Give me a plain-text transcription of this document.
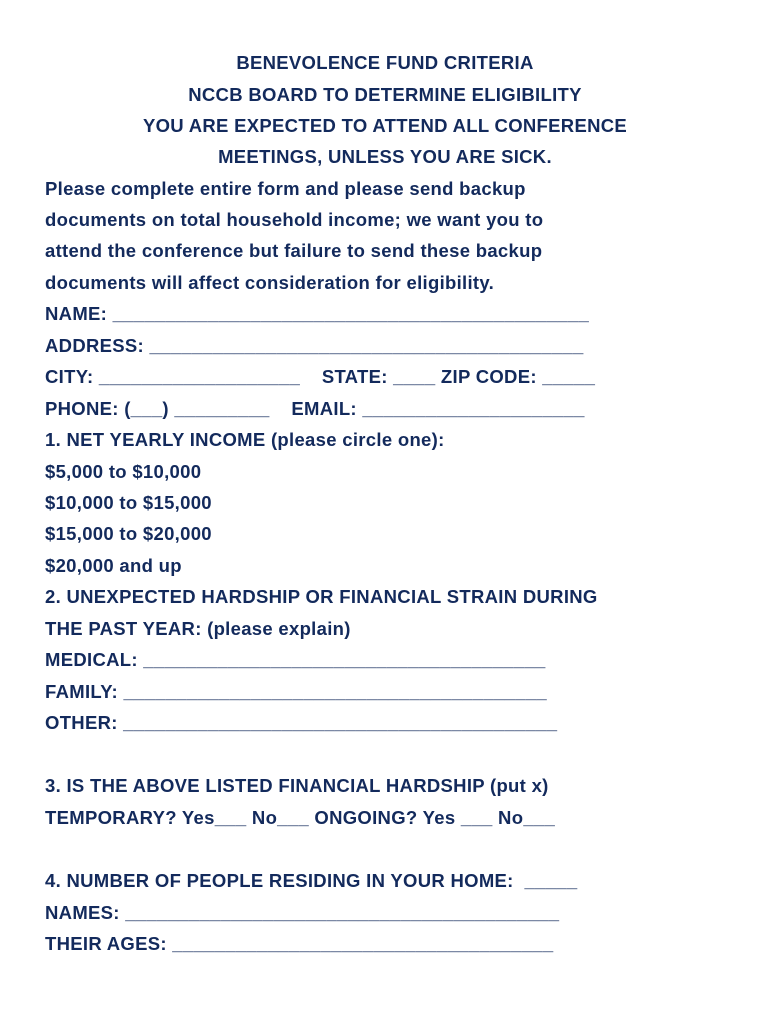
BENEVOLENCE FUND CRITERIA
NCCB BOARD TO DETERMINE ELIGIBILITY
YOU ARE EXPECTED TO ATTEND ALL CONFERENCE
MEETINGS, UNLESS YOU ARE SICK.
Please complete entire form and please send backup
documents on total household income; we want you to
attend the conference but failure to send these backup
documents will affect consideration for eligibility.
NAME: _____________________________________________
ADDRESS: _________________________________________
CITY: ___________________    STATE: ____ ZIP CODE: _____
PHONE: (___) _________    EMAIL: _____________________
1. NET YEARLY INCOME (please circle one):
$5,000 to $10,000
$10,000 to $15,000
$15,000 to $20,000
$20,000 and up
2. UNEXPECTED HARDSHIP OR FINANCIAL STRAIN DURING
THE PAST YEAR: (please explain)
MEDICAL: ______________________________________
FAMILY: ________________________________________
OTHER: _________________________________________
3. IS THE ABOVE LISTED FINANCIAL HARDSHIP (put x)
TEMPORARY? Yes___ No___ ONGOING? Yes ___ No___
4. NUMBER OF PEOPLE RESIDING IN YOUR HOME:  _____
NAMES: _________________________________________
THEIR AGES: ____________________________________
